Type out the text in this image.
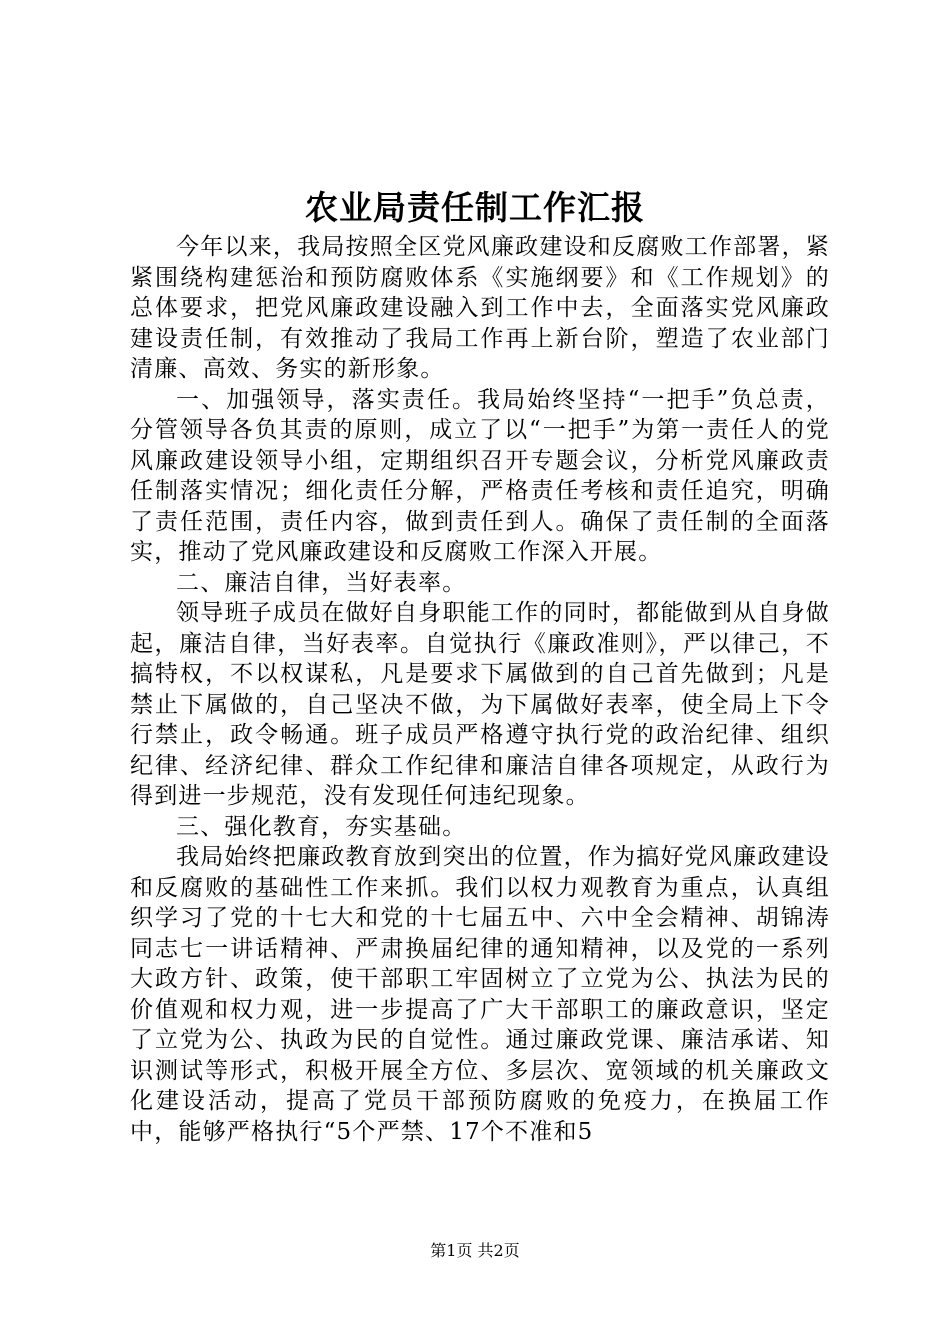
农业局责任制工作汇报

今年以来，我局按照全区党风廉政建设和反腐败工作部署，紧紧围绕构建惩治和预防腐败体系《实施纲要》和《工作规划》的总体要求，把党风廉政建设融入到工作中去，全面落实党风廉政建设责任制，有效推动了我局工作再上新台阶，塑造了农业部门清廉、高效、务实的新形象。

一、加强领导，落实责任。我局始终坚持“一把手”负总责，分管领导各负其责的原则，成立了以“一把手”为第一责任人的党风廉政建设领导小组，定期组织召开专题会议，分析党风廉政责任制落实情况；细化责任分解，严格责任考核和责任追究，明确了责任范围，责任内容，做到责任到人。确保了责任制的全面落实，推动了党风廉政建设和反腐败工作深入开展。

二、廉洁自律，当好表率。

领导班子成员在做好自身职能工作的同时，都能做到从自身做起，廉洁自律，当好表率。自觉执行《廉政准则》，严以律己，不搞特权，不以权谋私，凡是要求下属做到的自己首先做到；凡是禁止下属做的，自己坚决不做，为下属做好表率，使全局上下令行禁止，政令畅通。班子成员严格遵守执行党的政治纪律、组织纪律、经济纪律、群众工作纪律和廉洁自律各项规定，从政行为得到进一步规范，没有发现任何违纪现象。

三、强化教育，夯实基础。

我局始终把廉政教育放到突出的位置，作为搞好党风廉政建设和反腐败的基础性工作来抓。我们以权力观教育为重点，认真组织学习了党的十七大和党的十七届五中、六中全会精神、胡锦涛同志七一讲话精神、严肃换届纪律的通知精神，以及党的一系列大政方针、政策，使干部职工牢固树立了立党为公、执法为民的价值观和权力观，进一步提高了广大干部职工的廉政意识，坚定了立党为公、执政为民的自觉性。通过廉政党课、廉洁承诺、知识测试等形式，积极开展全方位、多层次、宽领域的机关廉政文化建设活动，提高了党员干部预防腐败的免疫力，在换届工作中，能够严格执行“5个严禁、17个不准和5

第1页 共2页
